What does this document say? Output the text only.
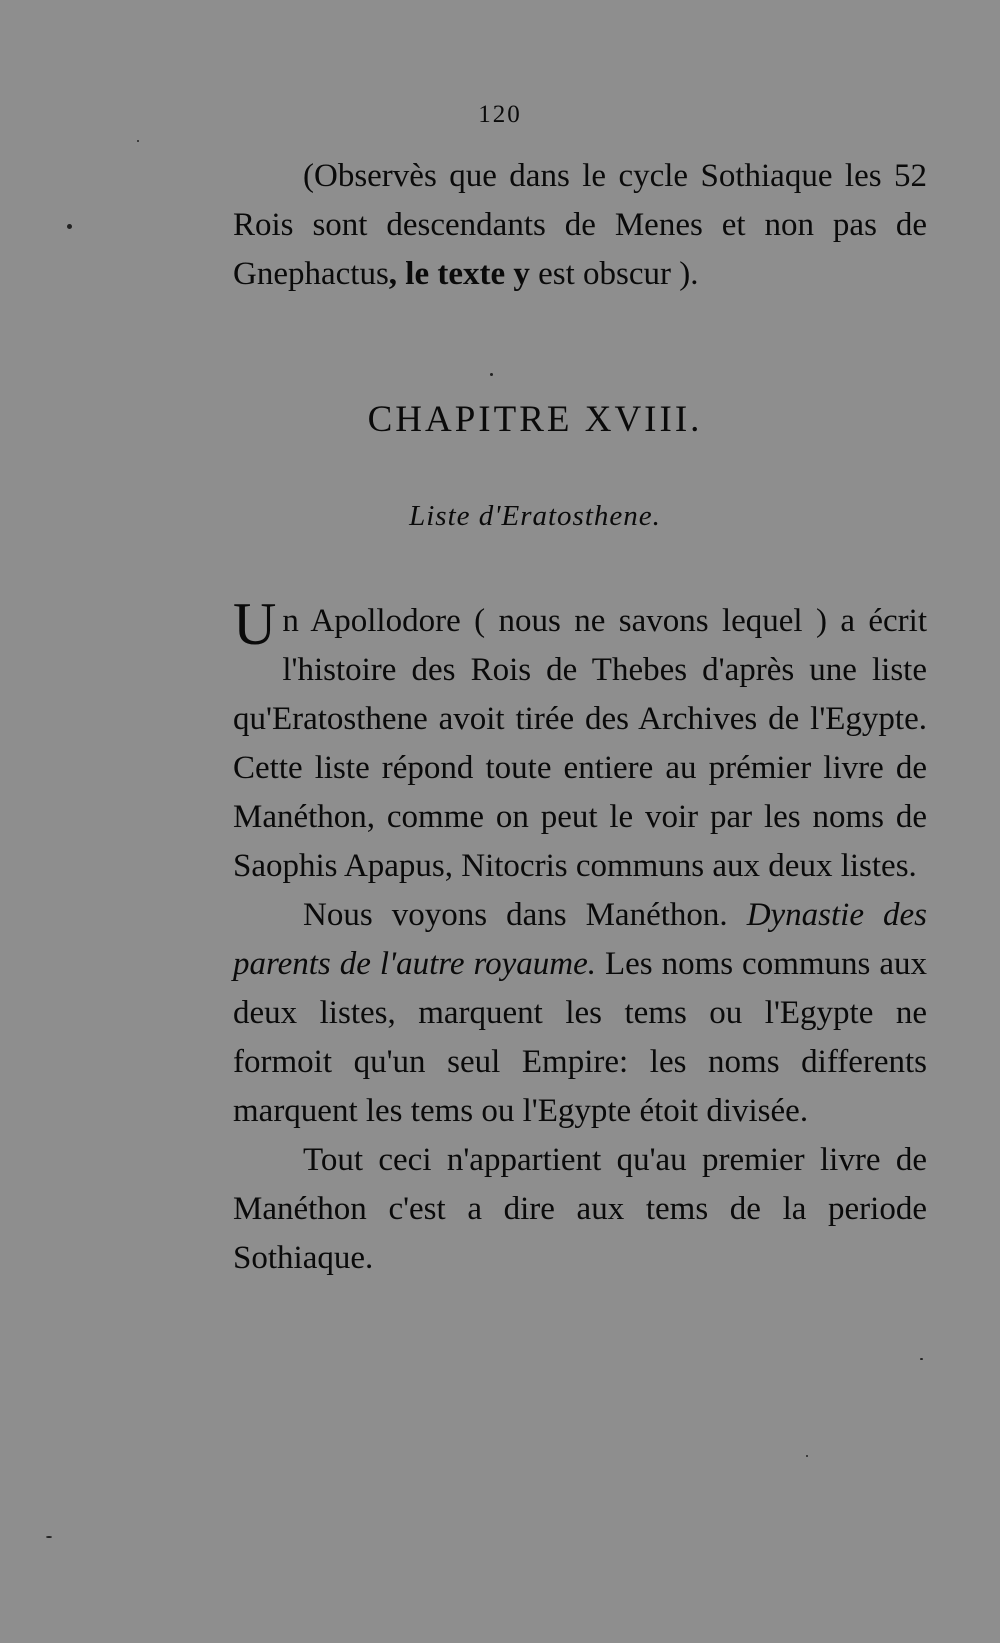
120

(Observès que dans le cycle Sothiaque les 52 Rois sont descendants de Menes et non pas de Gnephactus, le texte y est obscur ).

CHAPITRE XVIII.
Liste d'Eratosthene.

Un Apollodore ( nous ne savons lequel ) a écrit l'histoire des Rois de Thebes d'après une liste qu'Eratosthene avoit tirée des Archives de l'Egypte. Cette liste répond toute entiere au prémier livre de Manéthon, comme on peut le voir par les noms de Saophis Apapus, Nitocris communs aux deux listes.

Nous voyons dans Manéthon. Dynastie des parents de l'autre royaume. Les noms communs aux deux listes, marquent les tems ou l'Egypte ne formoit qu'un seul Empire: les noms differents marquent les tems ou l'Egypte étoit divisée.

Tout ceci n'appartient qu'au premier livre de Manéthon c'est a dire aux tems de la periode Sothiaque.
